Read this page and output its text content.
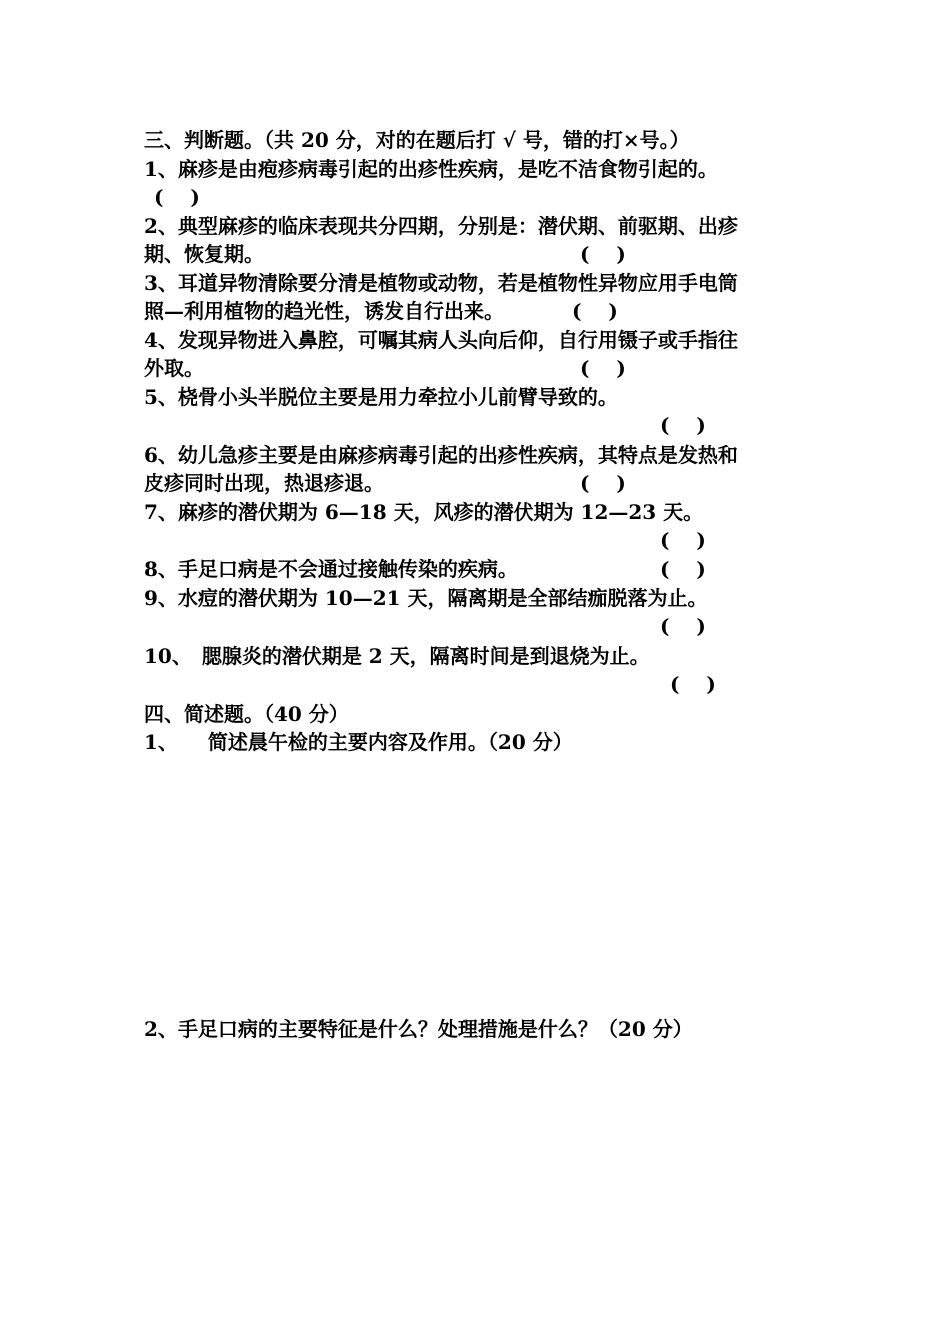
三、判断题。（共 20 分，对的在题后打 √ 号，错的打×号。）
1、麻疹是由疱疹病毒引起的出疹性疾病，是吃不洁食物引起的。
(　 )
2、典型麻疹的临床表现共分四期，分别是：潜伏期、前驱期、出疹
期、恢复期。	(　 )
3、耳道异物清除要分清是植物或动物，若是植物性异物应用手电筒
照—利用植物的趋光性，诱发自行出来。	(　 )
4、发现异物进入鼻腔，可嘱其病人头向后仰，自行用镊子或手指往
外取。	(　 )
5、桡骨小头半脱位主要是用力牵拉小儿前臂导致的。
(　 )
6、幼儿急疹主要是由麻疹病毒引起的出疹性疾病，其特点是发热和
皮疹同时出现，热退疹退。	(　 )
7、麻疹的潜伏期为 6—18 天，风疹的潜伏期为 12—23 天。
(　 )
8、手足口病是不会通过接触传染的疾病。	(　 )
9、水痘的潜伏期为 10—21 天，隔离期是全部结痂脱落为止。
(　 )
10、　腮腺炎的潜伏期是 2 天，隔离时间是到退烧为止。
(　 )
四、简述题。（40 分）
1、　　简述晨午检的主要内容及作用。（20 分）
2、手足口病的主要特征是什么？处理措施是什么？（20 分）
